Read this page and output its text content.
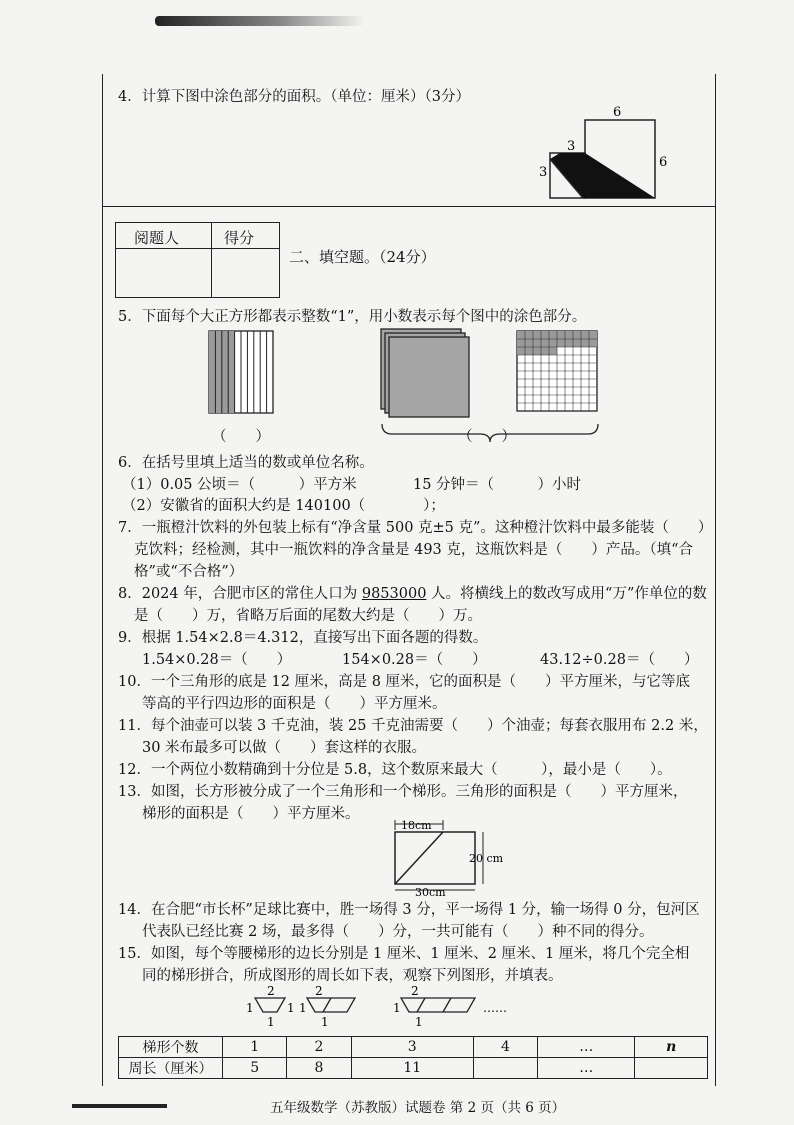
4．计算下图中涂色部分的面积。（单位：厘米）（3分）
6
3
6
3
阅题人	得分
二、填空题。（24分）
5．下面每个大正方形都表示整数“1”，用小数表示每个图中的涂色部分。
（　　）	（　　）
6．在括号里填上适当的数或单位名称。
（1）0.05 公顷＝（　　　）平方米	15 分钟＝（　　　）小时
（2）安徽省的面积大约是 140100（　　　　）；
7．一瓶橙汁饮料的外包装上标有“净含量 500 克±5 克”。这种橙汁饮料中最多能装（　　）
克饮料；经检测，其中一瓶饮料的净含量是 493 克，这瓶饮料是（　　）产品。（填“合
格”或“不合格”）
8．2024 年，合肥市区的常住人口为 9853000 人。将横线上的数改写成用“万”作单位的数
是（　　）万，省略万后面的尾数大约是（　　）万。
9．根据 1.54×2.8＝4.312，直接写出下面各题的得数。
1.54×0.28＝（　　）	154×0.28＝（　　）	43.12÷0.28＝（　　）
10．一个三角形的底是 12 厘米，高是 8 厘米，它的面积是（　　）平方厘米，与它等底
等高的平行四边形的面积是（　　）平方厘米。
11．每个油壶可以装 3 千克油，装 25 千克油需要（　　）个油壶；每套衣服用布 2.2 米，
30 米布最多可以做（　　）套这样的衣服。
12．一个两位小数精确到十分位是 5.8，这个数原来最大（　　　），最小是（　　）。
13．如图，长方形被分成了一个三角形和一个梯形。三角形的面积是（　　）平方厘米，
梯形的面积是（　　）平方厘米。
18cm
20 cm
30cm
14．在合肥“市长杯”足球比赛中，胜一场得 3 分，平一场得 1 分，输一场得 0 分，包河区
代表队已经比赛 2 场，最多得（　　）分，一共可能有（　　）种不同的得分。
15．如图，每个等腰梯形的边长分别是 1 厘米、1 厘米、2 厘米、1 厘米，将几个完全相
同的梯形拼合，所成图形的周长如下表，观察下列图形，并填表。
2
1	1
1
2
1
1
2
1
1
……
梯形个数	1	2	3	4	…	n
周长（厘米）	5	8	11		…	
五年级数学（苏教版）试题卷 第 2 页（共 6 页）
